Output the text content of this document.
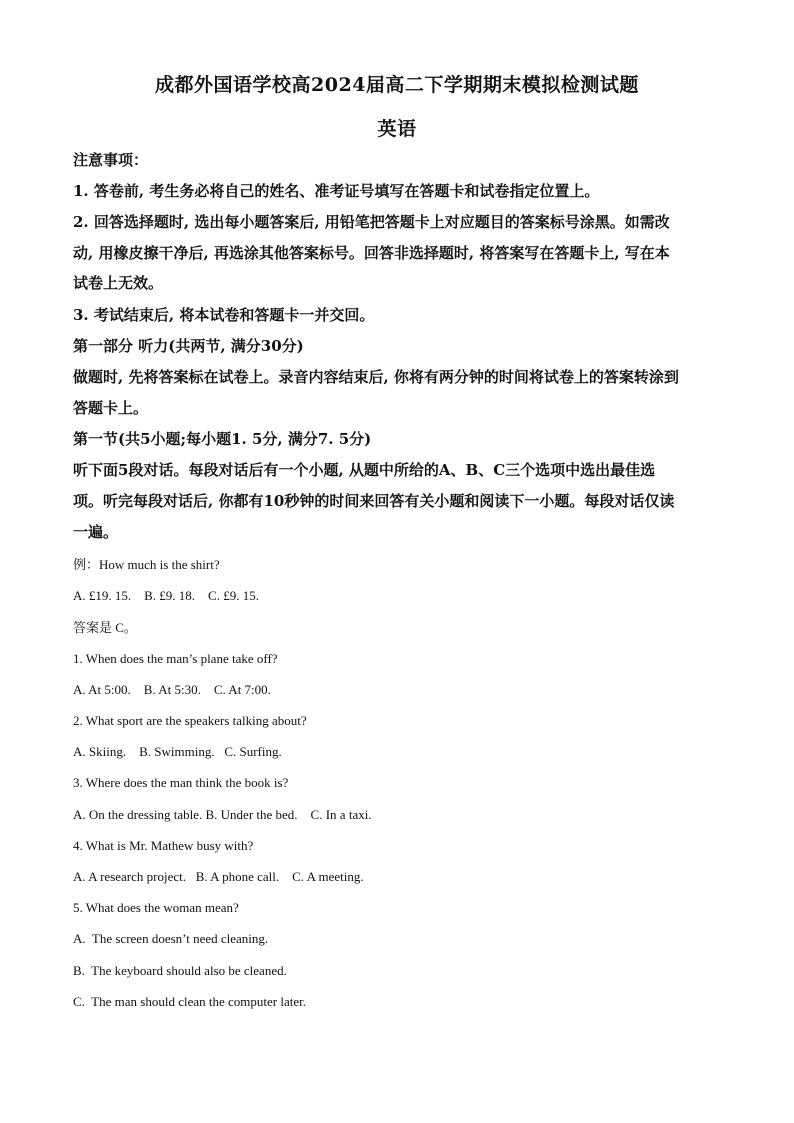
成都外国语学校高2024届高二下学期期末模拟检测试题
英语
注意事项：
1. 答卷前, 考生务必将自己的姓名、准考证号填写在答题卡和试卷指定位置上。
2. 回答选择题时, 选出每小题答案后, 用铅笔把答题卡上对应题目的答案标号涂黑。如需改
动, 用橡皮擦干净后, 再选涂其他答案标号。回答非选择题时, 将答案写在答题卡上, 写在本
试卷上无效。
3. 考试结束后, 将本试卷和答题卡一并交回。
第一部分 听力(共两节, 满分30分)
做题时, 先将答案标在试卷上。录音内容结束后, 你将有两分钟的时间将试卷上的答案转涂到
答题卡上。
第一节(共5小题;每小题1. 5分, 满分7. 5分)
听下面5段对话。每段对话后有一个小题, 从题中所给的A、B、C三个选项中选出最佳选
项。听完每段对话后, 你都有10秒钟的时间来回答有关小题和阅读下一小题。每段对话仅读
一遍。
例：How much is the shirt?
A. £19. 15.    B. £9. 18.    C. £9. 15.
答案是 C。
1. When does the man’s plane take off?
A. At 5:00.    B. At 5:30.    C. At 7:00.
2. What sport are the speakers talking about?
A. Skiing.    B. Swimming.   C. Surfing.
3. Where does the man think the book is?
A. On the dressing table. B. Under the bed.    C. In a taxi.
4. What is Mr. Mathew busy with?
A. A research project.   B. A phone call.    C. A meeting.
5. What does the woman mean?
A.  The screen doesn’t need cleaning.
B.  The keyboard should also be cleaned.
C.  The man should clean the computer later.
